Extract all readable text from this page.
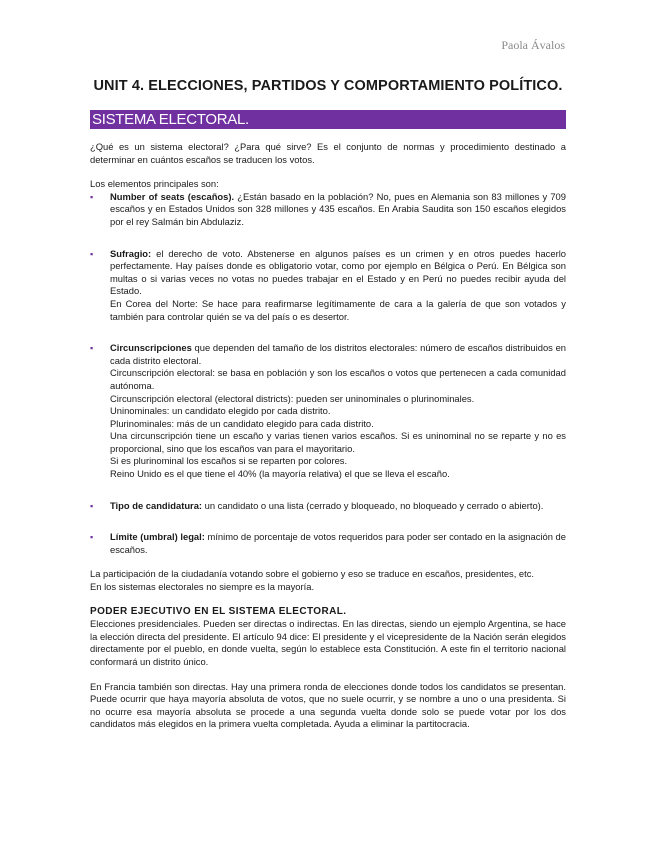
Paola Ávalos
UNIT 4. ELECCIONES, PARTIDOS Y COMPORTAMIENTO POLÍTICO.
SISTEMA ELECTORAL.

¿Qué es un sistema electoral? ¿Para qué sirve? Es el conjunto de normas y procedimiento destinado a determinar en cuántos escaños se traducen los votos.

Los elementos principales son:

▪ Number of seats (escaños). ¿Están basado en la población? No, pues en Alemania son 83 millones y 709 escaños y en Estados Unidos son 328 millones y 435 escaños. En Arabia Saudita son 150 escaños elegidos por el rey Salmán bin Abdulaziz.
▪ Sufragio: el derecho de voto. Abstenerse en algunos países es un crimen y en otros puedes hacerlo perfectamente. Hay países donde es obligatorio votar, como por ejemplo en Bélgica o Perú. En Bélgica son multas o si varias veces no votas no puedes trabajar en el Estado y en Perú no puedes recibir ayuda del Estado.
En Corea del Norte: Se hace para reafirmarse legítimamente de cara a la galería de que son votados y también para controlar quién se va del país o es desertor.
▪ Circunscripciones que dependen del tamaño de los distritos electorales: número de escaños distribuidos en cada distrito electoral.
Circunscripción electoral: se basa en población y son los escaños o votos que pertenecen a cada comunidad autónoma.
Circunscripción electoral (electoral districts): pueden ser uninominales o plurinominales.
Uninominales: un candidato elegido por cada distrito.
Plurinominales: más de un candidato elegido para cada distrito.
Una circunscripción tiene un escaño y varias tienen varios escaños. Si es uninominal no se reparte y no es proporcional, sino que los escaños van para el mayoritario.
Si es plurinominal los escaños si se reparten por colores.
Reino Unido es el que tiene el 40% (la mayoría relativa) el que se lleva el escaño.
▪ Tipo de candidatura: un candidato o una lista (cerrado y bloqueado, no bloqueado y cerrado o abierto).
▪ Límite (umbral) legal: mínimo de porcentaje de votos requeridos para poder ser contado en la asignación de escaños.

La participación de la ciudadanía votando sobre el gobierno y eso se traduce en escaños, presidentes, etc.

En los sistemas electorales no siempre es la mayoría.

PODER EJECUTIVO EN EL SISTEMA ELECTORAL.

Elecciones presidenciales. Pueden ser directas o indirectas. En las directas, siendo un ejemplo Argentina, se hace la elección directa del presidente. El artículo 94 dice: El presidente y el vicepresidente de la Nación serán elegidos directamente por el pueblo, en donde vuelta, según lo establece esta Constitución. A este fin el territorio nacional conformará un distrito único.

En Francia también son directas. Hay una primera ronda de elecciones donde todos los candidatos se presentan. Puede ocurrir que haya mayoría absoluta de votos, que no suele ocurrir, y se nombre a uno o una presidenta. Si no ocurre esa mayoría absoluta se procede a una segunda vuelta donde solo se puede votar por los dos candidatos más elegidos en la primera vuelta completada. Ayuda a eliminar la partitocracia.
